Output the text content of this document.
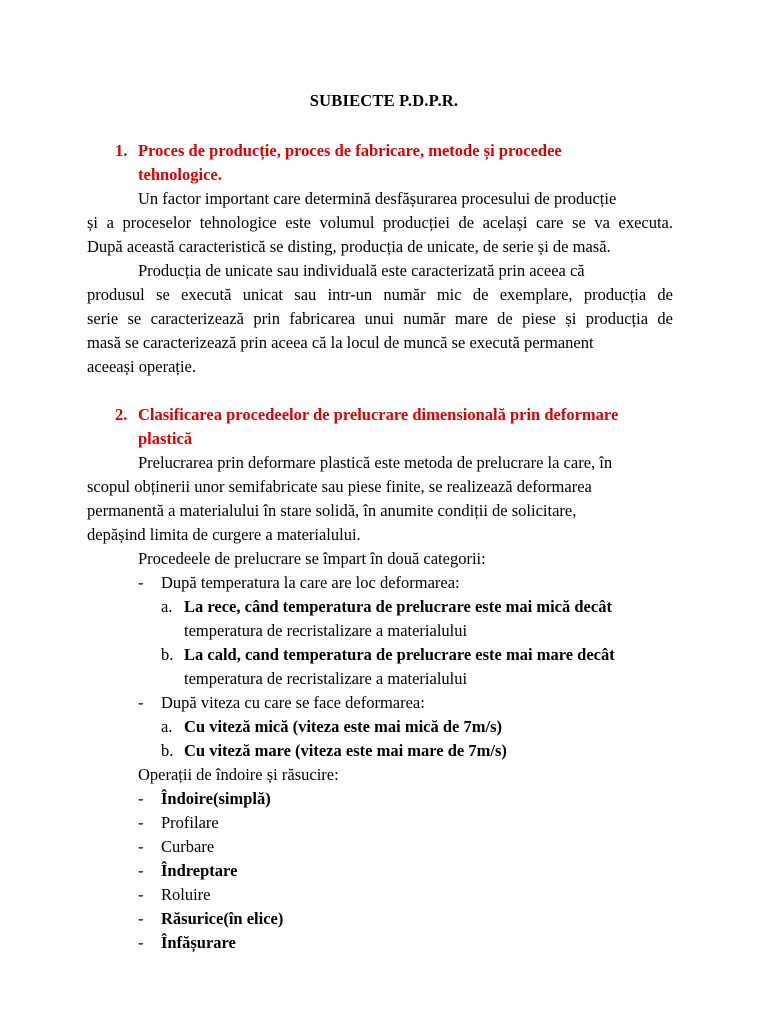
SUBIECTE P.D.P.R.
1. Proces de producție, proces de fabricare, metode și procedee
tehnologice.
Un factor important care determină desfășurarea procesului de producție
și a proceselor tehnologice este volumul producției de același care se va executa.
După această caracteristică se disting, producția de unicate, de serie și de masă.
Producția de unicate sau individuală este caracterizată prin aceea că
produsul se execută unicat sau intr-un număr mic de exemplare, producția de
serie se caracterizează prin fabricarea unui număr mare de piese și producția de
masă se caracterizează prin aceea că la locul de muncă se execută permanent
aceeași operație.
2. Clasificarea procedeelor de prelucrare dimensională prin deformare
plastică
Prelucrarea prin deformare plastică este metoda de prelucrare la care, în
scopul obținerii unor semifabricate sau piese finite, se realizează deformarea
permanentă a materialului în stare solidă, în anumite condiții de solicitare,
depășind limita de curgere a materialului.
Procedeele de prelucrare se împart în două categorii:
- După temperatura la care are loc deformarea:
a. La rece, când temperatura de prelucrare este mai mică decât
temperatura de recristalizare a materialului
b. La cald, cand temperatura de prelucrare este mai mare decât
temperatura de recristalizare a materialului
- După viteza cu care se face deformarea:
a. Cu viteză mică (viteza este mai mică de 7m/s)
b. Cu viteză mare (viteza este mai mare de 7m/s)
Operații de îndoire și răsucire:
- Îndoire(simplă)
- Profilare
- Curbare
- Îndreptare
- Roluire
- Răsurice(în elice)
- Înfășurare
